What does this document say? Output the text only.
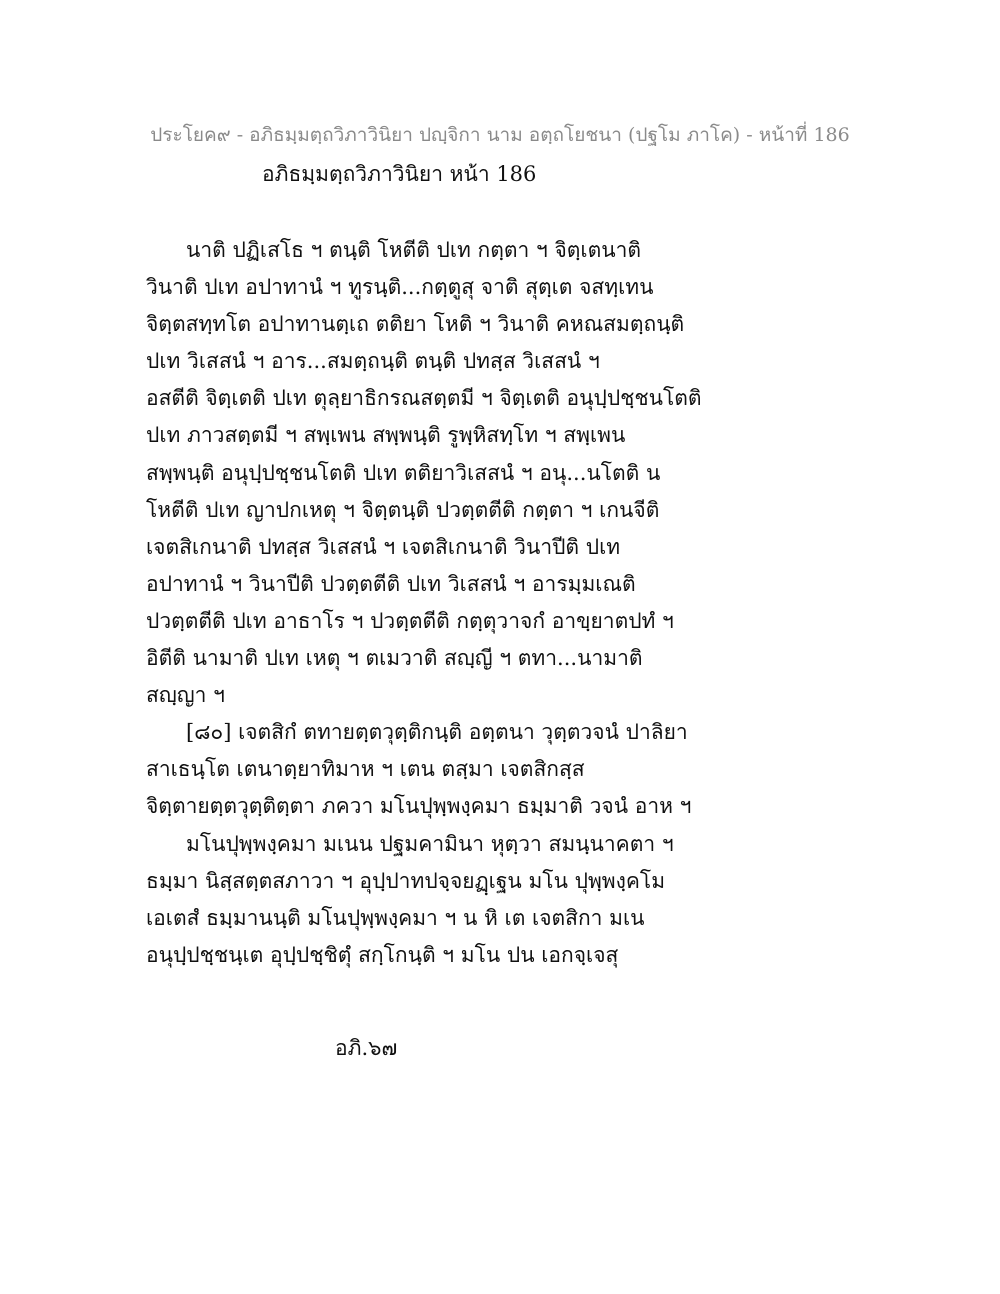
ประโยค๙ - อภิธมฺมตฺถวิภาวินิยา ปญฺจิกา นาม อตฺถโยชนา (ปฐโม ภาโค) - หน้าที่ 186
อภิธมฺมตฺถวิภาวินิยา หน้า 186
นาติ ปฏิเสโธ ฯ ตนฺติ โหตีติ ปเท กตฺตา ฯ จิตฺเตนาติ
วินาติ ปเท อปาทานํ ฯ ทูรนฺติ...กตฺตูสุ จาติ สุตฺเต จสทฺเทน
จิตฺตสทฺทโต อปาทานตฺเถ ตติยา โหติ ฯ วินาติ คหณสมตฺถนฺติ
ปเท วิเสสนํ ฯ อาร...สมตฺถนฺติ ตนฺติ ปทสฺส วิเสสนํ ฯ
อสตีติ จิตฺเตติ ปเท ตุลฺยาธิกรณสตฺตมี ฯ จิตฺเตติ อนุปฺปชฺชนโตติ
ปเท ภาวสตฺตมี ฯ สพฺเพน สพฺพนฺติ รูพฺหิสทฺโท ฯ สพฺเพน
สพฺพนฺติ อนุปฺปชฺชนโตติ ปเท ตติยาวิเสสนํ ฯ อนุ...นโตติ น
โหตีติ ปเท ญาปกเหตุ ฯ จิตฺตนฺติ ปวตฺตตีติ กตฺตา ฯ เกนจีติ
เจตสิเกนาติ ปทสฺส วิเสสนํ ฯ เจตสิเกนาติ วินาปีติ ปเท
อปาทานํ ฯ วินาปีติ ปวตฺตตีติ ปเท วิเสสนํ ฯ อารมฺมเณติ
ปวตฺตตีติ ปเท อาธาโร ฯ ปวตฺตตีติ กตฺตุวาจกํ อาขฺยาตปทํ ฯ
อิตีติ นามาติ ปเท เหตุ ฯ ตเมวาติ สญฺญี ฯ ตทา...นามาติ
สญฺญา ฯ
[๘๐] เจตสิกํ ตทายตฺตวุตฺติกนฺติ อตฺตนา วุตฺตวจนํ ปาลิยา
สาเธนฺโต เตนาตฺยาทิมาห ฯ เตน ตสฺมา เจตสิกสฺส
จิตฺตายตฺตวุตฺติตฺตา ภควา มโนปุพฺพงฺคมา ธมฺมาติ วจนํ อาห ฯ
มโนปุพฺพงฺคมา มเนน ปฐมคามินา หุตฺวา สมนฺนาคตา ฯ
ธมฺมา นิสฺสตฺตสภาวา ฯ อุปฺปาทปจฺจยฏฺเฐน มโน ปุพฺพงฺคโม
เอเตสํ ธมฺมานนฺติ มโนปุพฺพงฺคมา ฯ น หิ เต เจตสิกา มเน
อนุปฺปชฺชนฺเต อุปฺปชฺชิตุํ สกฺโกนฺติ ฯ มโน ปน เอกจฺเจสุ
อภิ.๖๗
